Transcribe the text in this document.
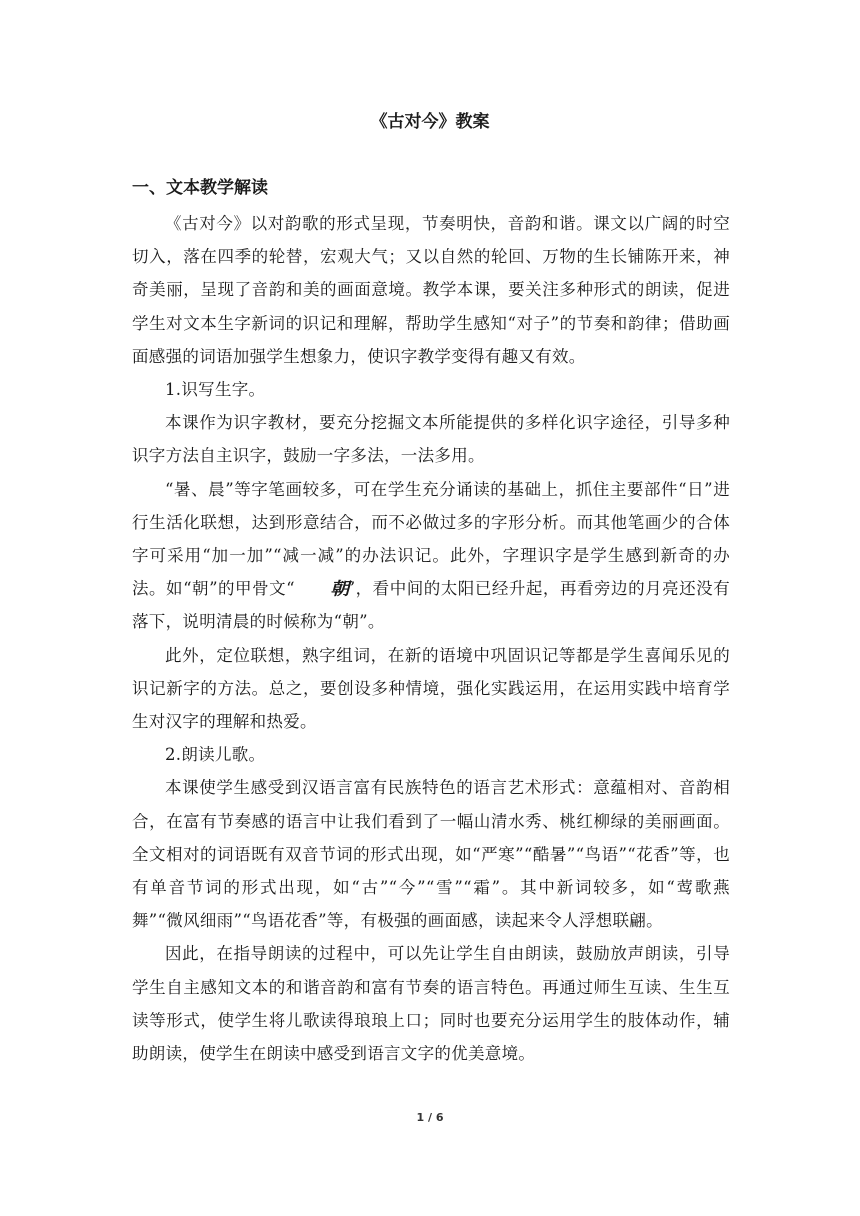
《古对今》教案
一、文本教学解读

《古对今》以对韵歌的形式呈现，节奏明快，音韵和谐。课文以广阔的时空切入，落在四季的轮替，宏观大气；又以自然的轮回、万物的生长铺陈开来，神奇美丽，呈现了音韵和美的画面意境。教学本课，要关注多种形式的朗读，促进学生对文本生字新词的识记和理解，帮助学生感知“对子”的节奏和韵律；借助画面感强的词语加强学生想象力，使识字教学变得有趣又有效。

1.识写生字。

本课作为识字教材，要充分挖掘文本所能提供的多样化识字途径，引导多种识字方法自主识字，鼓励一字多法，一法多用。

“暑、晨”等字笔画较多，可在学生充分诵读的基础上，抓住主要部件“日”进行生活化联想，达到形意结合，而不必做过多的字形分析。而其他笔画少的合体字可采用“加一加”“减一减”的办法识记。此外，字理识字是学生感到新奇的办法。如“朝”的甲骨文“ 朝”，看中间的太阳已经升起，再看旁边的月亮还没有落下，说明清晨的时候称为“朝”。

此外，定位联想，熟字组词，在新的语境中巩固识记等都是学生喜闻乐见的识记新字的方法。总之，要创设多种情境，强化实践运用，在运用实践中培育学生对汉字的理解和热爱。

2.朗读儿歌。

本课使学生感受到汉语言富有民族特色的语言艺术形式：意蕴相对、音韵相合，在富有节奏感的语言中让我们看到了一幅山清水秀、桃红柳绿的美丽画面。全文相对的词语既有双音节词的形式出现，如“严寒”“酷暑”“鸟语”“花香”等，也有单音节词的形式出现，如“古”“今”“雪”“霜”。其中新词较多，如“莺歌燕舞”“微风细雨”“鸟语花香”等，有极强的画面感，读起来令人浮想联翩。

因此，在指导朗读的过程中，可以先让学生自由朗读，鼓励放声朗读，引导学生自主感知文本的和谐音韵和富有节奏的语言特色。再通过师生互读、生生互读等形式，使学生将儿歌读得琅琅上口；同时也要充分运用学生的肢体动作，辅助朗读，使学生在朗读中感受到语言文字的优美意境。

1 / 6
